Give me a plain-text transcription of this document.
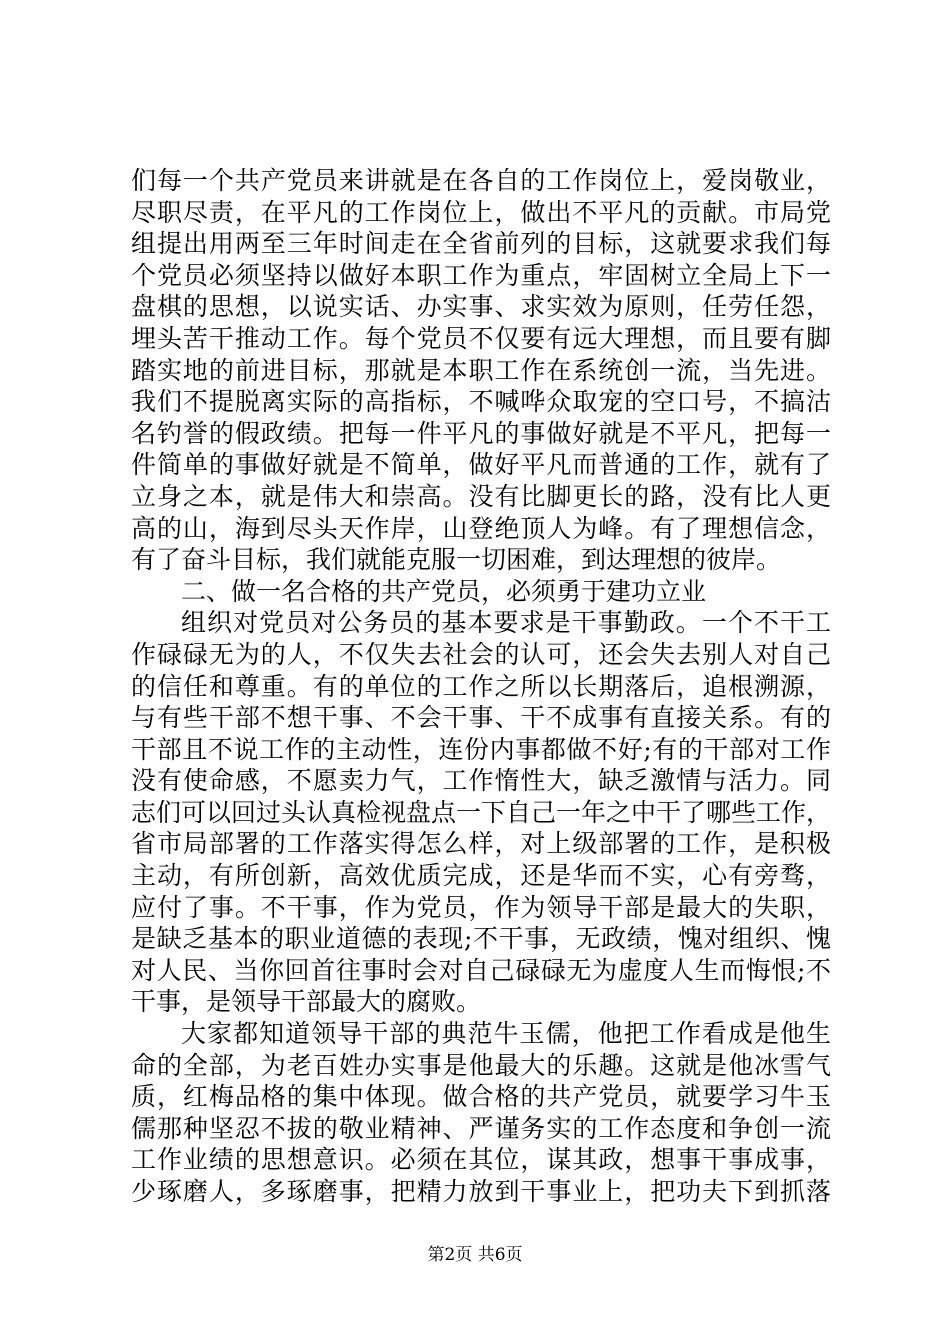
们每一个共产党员来讲就是在各自的工作岗位上，爱岗敬业，
尽职尽责，在平凡的工作岗位上，做出不平凡的贡献。市局党
组提出用两至三年时间走在全省前列的目标，这就要求我们每
个党员必须坚持以做好本职工作为重点，牢固树立全局上下一
盘棋的思想，以说实话、办实事、求实效为原则，任劳任怨，
埋头苦干推动工作。每个党员不仅要有远大理想，而且要有脚
踏实地的前进目标，那就是本职工作在系统创一流，当先进。
我们不提脱离实际的高指标，不喊哗众取宠的空口号，不搞沽
名钓誉的假政绩。把每一件平凡的事做好就是不平凡，把每一
件简单的事做好就是不简单，做好平凡而普通的工作，就有了
立身之本，就是伟大和崇高。没有比脚更长的路，没有比人更
高的山，海到尽头天作岸，山登绝顶人为峰。有了理想信念，
有了奋斗目标，我们就能克服一切困难，到达理想的彼岸。
二、做一名合格的共产党员，必须勇于建功立业
组织对党员对公务员的基本要求是干事勤政。一个不干工
作碌碌无为的人，不仅失去社会的认可，还会失去别人对自己
的信任和尊重。有的单位的工作之所以长期落后，追根溯源，
与有些干部不想干事、不会干事、干不成事有直接关系。有的
干部且不说工作的主动性，连份内事都做不好;有的干部对工作
没有使命感，不愿卖力气，工作惰性大，缺乏激情与活力。同
志们可以回过头认真检视盘点一下自己一年之中干了哪些工作，
省市局部署的工作落实得怎么样，对上级部署的工作，是积极
主动，有所创新，高效优质完成，还是华而不实，心有旁骛，
应付了事。不干事，作为党员，作为领导干部是最大的失职，
是缺乏基本的职业道德的表现;不干事，无政绩，愧对组织、愧
对人民、当你回首往事时会对自己碌碌无为虚度人生而悔恨;不
干事，是领导干部最大的腐败。
大家都知道领导干部的典范牛玉儒，他把工作看成是他生
命的全部，为老百姓办实事是他最大的乐趣。这就是他冰雪气
质，红梅品格的集中体现。做合格的共产党员，就要学习牛玉
儒那种坚忍不拔的敬业精神、严谨务实的工作态度和争创一流
工作业绩的思想意识。必须在其位，谋其政，想事干事成事，
少琢磨人，多琢磨事，把精力放到干事业上，把功夫下到抓落
第2页 共6页
